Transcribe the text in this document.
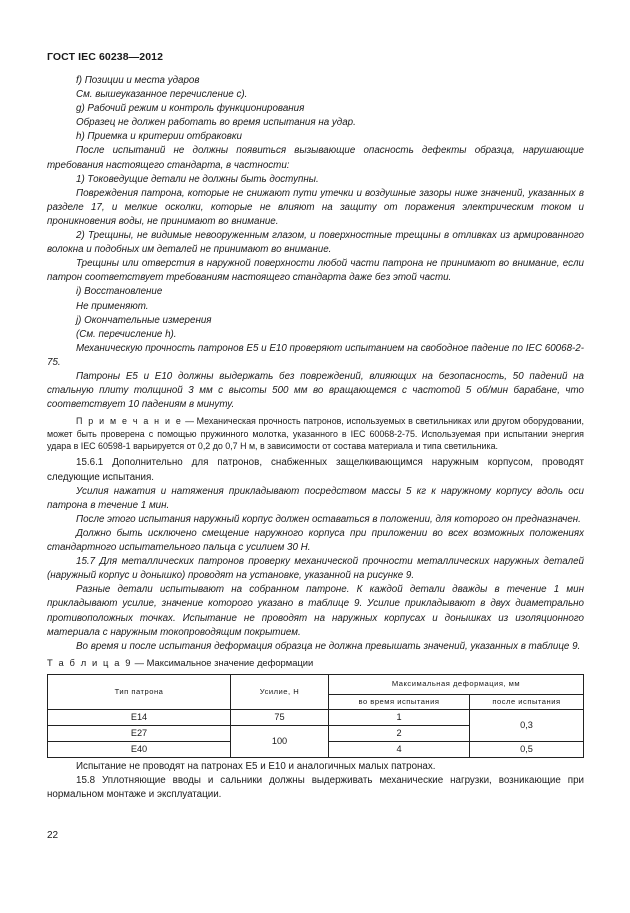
ГОСТ IEC 60238—2012

f) Позиции и места ударов

См. вышеуказанное перечисление с).

g) Рабочий режим и контроль функционирования

Образец не должен работать во время испытания на удар.

h) Приемка и критерии отбраковки

После испытаний не должны появиться вызывающие опасность дефекты образца, нарушающие требования настоящего стандарта, в частности:

1) Токоведущие детали не должны быть доступны.

Повреждения патрона, которые не снижают пути утечки и воздушные зазоры ниже значений, указанных в разделе 17, и мелкие осколки, которые не влияют на защиту от поражения электрическим током и проникновения воды, не принимают во внимание.

2) Трещины, не видимые невооруженным глазом, и поверхностные трещины в отливках из армированного волокна и подобных им деталей не принимают во внимание.

Трещины или отверстия в наружной поверхности любой части патрона не принимают во внимание, если патрон соответствует требованиям настоящего стандарта даже без этой части.

i) Восстановление

Не применяют.

j) Окончательные измерения

(См. перечисление h).

Механическую прочность патронов Е5 и Е10 проверяют испытанием на свободное падение по IEC 60068-2-75.

Патроны Е5 и Е10 должны выдержать без повреждений, влияющих на безопасность, 50 падений на стальную плиту толщиной 3 мм с высоты 500 мм во вращающемся с частотой 5 об/мин барабане, что соответствует 10 падениям в минуту.

П р и м е ч а н и е — Механическая прочность патронов, используемых в светильниках или другом оборудовании, может быть проверена с помощью пружинного молотка, указанного в IEC 60068-2-75. Используемая при испытании энергия удара в IEC 60598-1 варьируется от 0,2 до 0,7 Н м, в зависимости от состава материала и типа светильника.

15.6.1 Дополнительно для патронов, снабженных защелкивающимся наружным корпусом, проводят следующие испытания.

Усилия нажатия и натяжения прикладывают посредством массы 5 кг к наружному корпусу вдоль оси патрона в течение 1 мин.

После этого испытания наружный корпус должен оставаться в положении, для которого он предназначен.

Должно быть исключено смещение наружного корпуса при приложении во всех возможных положениях стандартного испытательного пальца с усилием 30 Н.

15.7 Для металлических патронов проверку механической прочности металлических наружных деталей (наружный корпус и донышко) проводят на установке, указанной на рисунке 9.

Разные детали испытывают на собранном патроне. К каждой детали дважды в течение 1 мин прикладывают усилие, значение которого указано в таблице 9. Усилие прикладывают в двух диаметрально противоположных точках. Испытание не проводят на наружных корпусах и донышках из изоляционного материала с наружным токопроводящим покрытием.

Во время и после испытания деформация образца не должна превышать значений, указанных в таблице 9.

Т а б л и ц а 9 — Максимальное значение деформации

Тип патрона	Усилие, Н	Максимальная деформация, мм	
		во время испытания	после испытания
Е14	75	1	0,3
Е27	100	2	
Е40		4	0,5

Испытание не проводят на патронах Е5 и Е10 и аналогичных малых патронах.

15.8 Уплотняющие вводы и сальники должны выдерживать механические нагрузки, возникающие при нормальном монтаже и эксплуатации.

22
